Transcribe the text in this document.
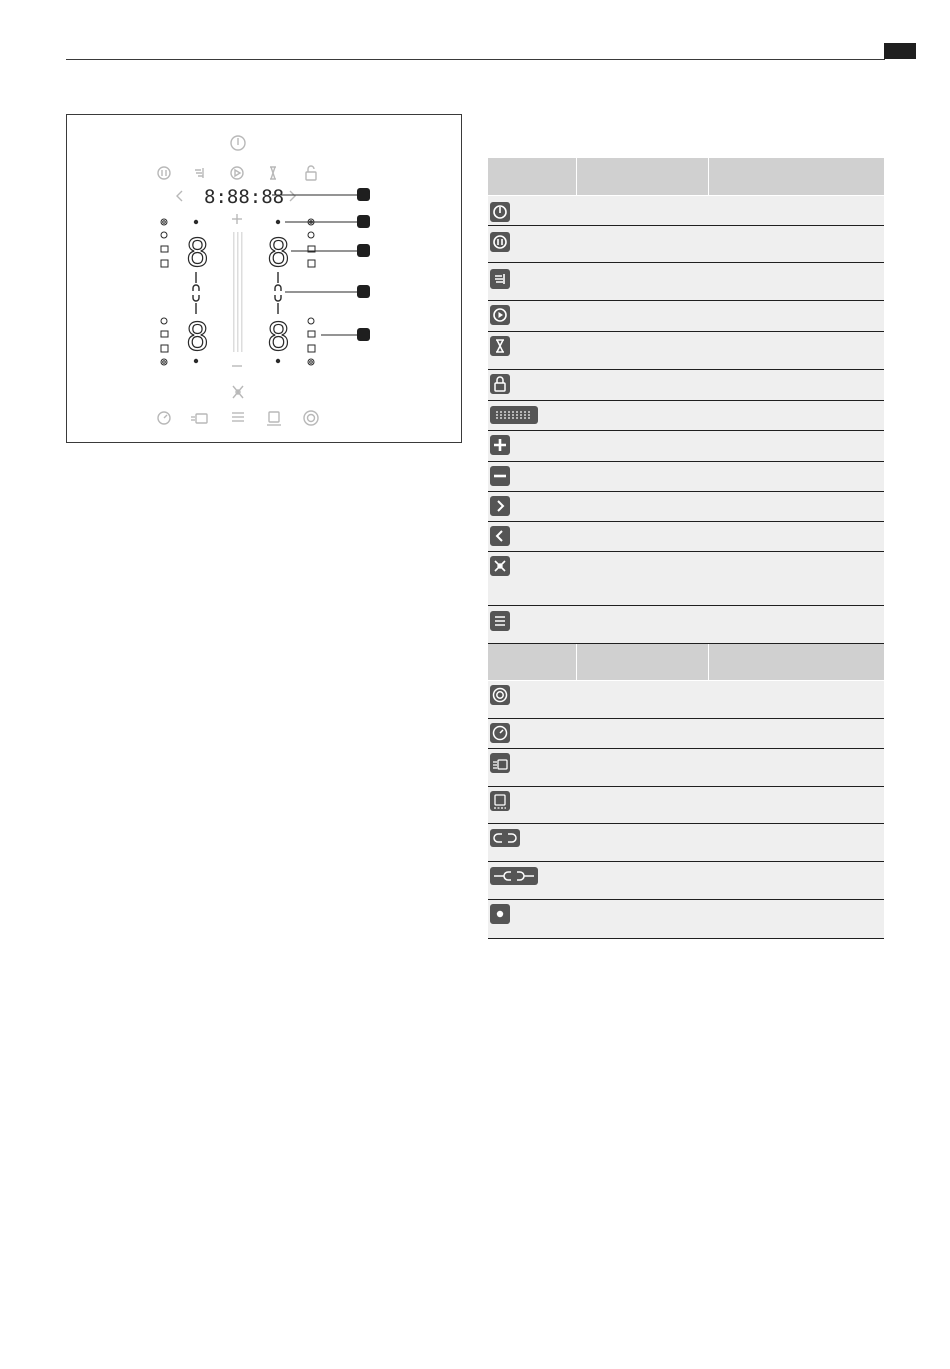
8:88:88
8 8
8 8
